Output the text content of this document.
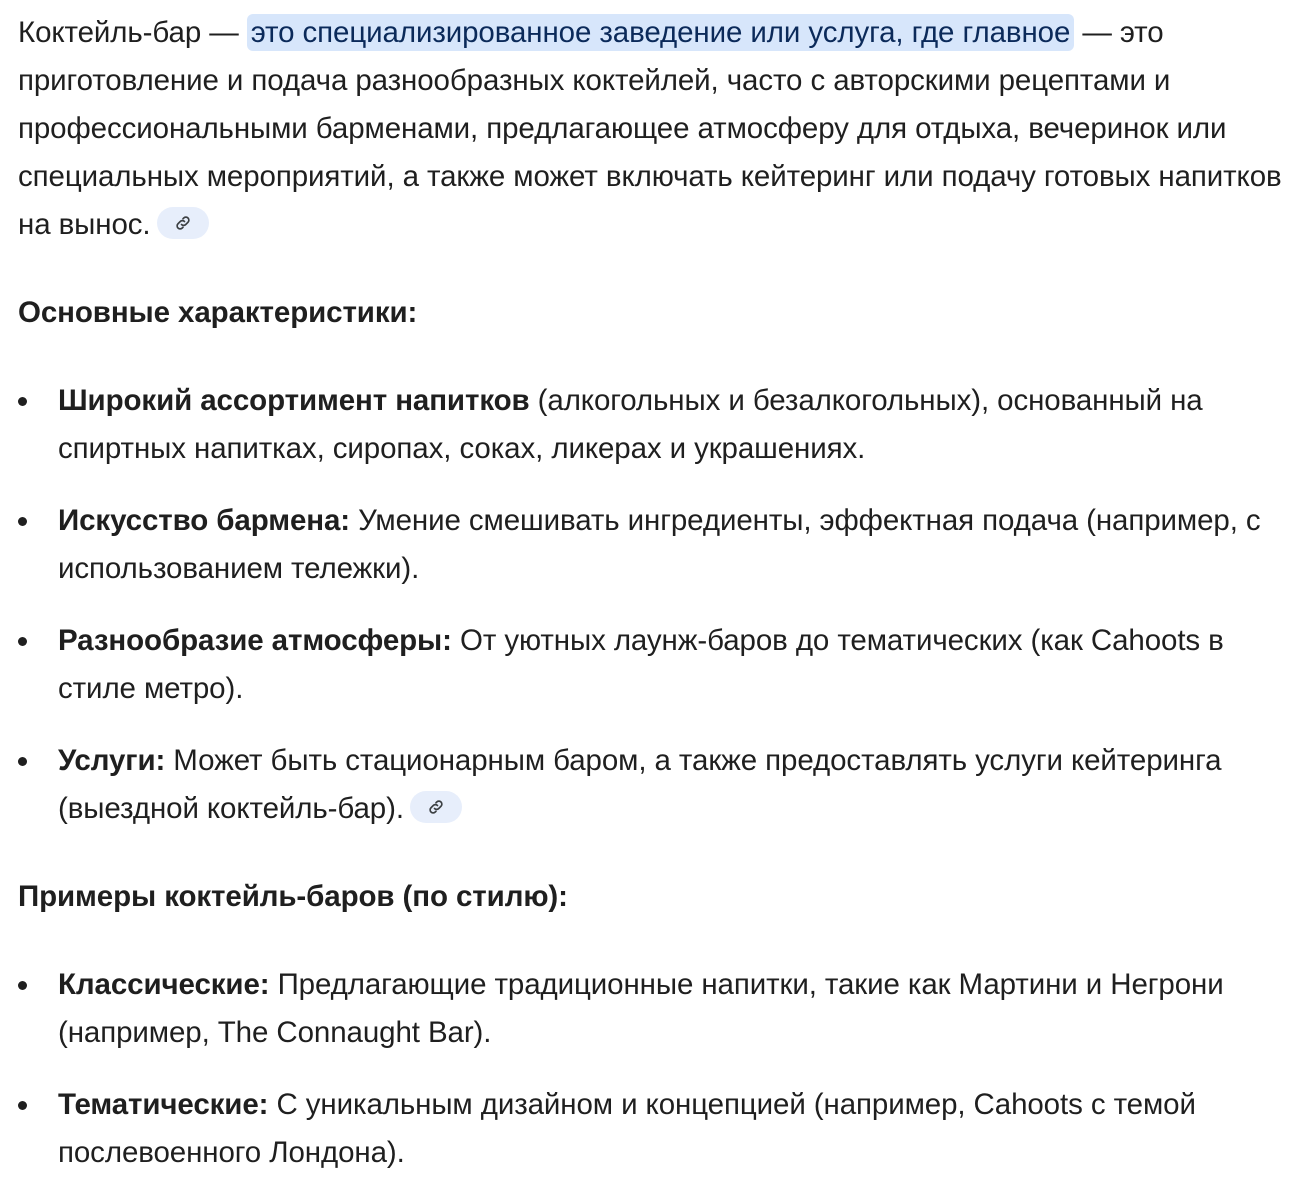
Коктейль-бар — это специализированное заведение или услуга, где главное — это приготовление и подача разнообразных коктейлей, часто с авторскими рецептами и профессиональными барменами, предлагающее атмосферу для отдыха, вечеринок или специальных мероприятий, а также может включать кейтеринг или подачу готовых напитков на вынос.

Основные характеристики:
Широкий ассортимент напитков (алкогольных и безалкогольных), основанный на спиртных напитках, сиропах, соках, ликерах и украшениях.
Искусство бармена: Умение смешивать ингредиенты, эффектная подача (например, с использованием тележки).
Разнообразие атмосферы: От уютных лаунж-баров до тематических (как Cahoots в стиле метро).
Услуги: Может быть стационарным баром, а также предоставлять услуги кейтеринга (выездной коктейль-бар).
Примеры коктейль-баров (по стилю):
Классические: Предлагающие традиционные напитки, такие как Мартини и Негрони (например, The Connaught Bar).
Тематические: С уникальным дизайном и концепцией (например, Cahoots с темой послевоенного Лондона).
